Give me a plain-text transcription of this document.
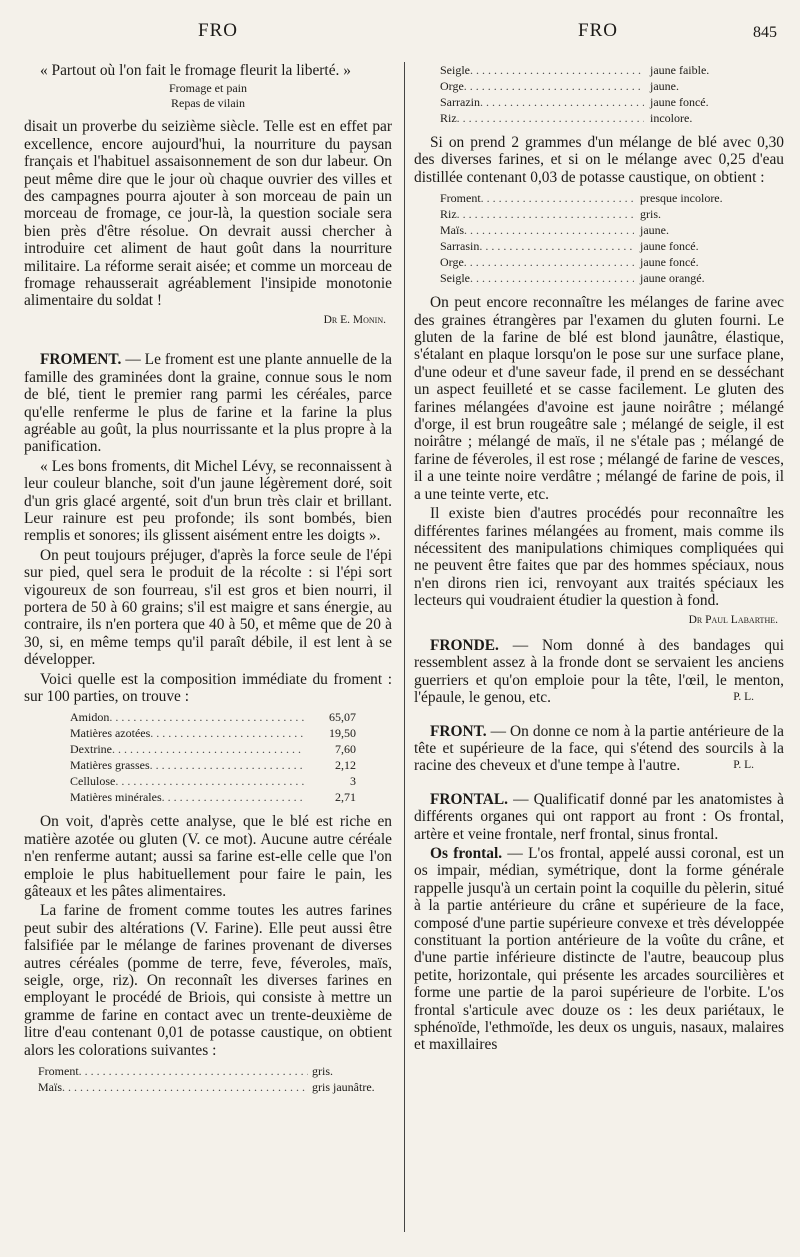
FRO	FRO	845

« Partout où l'on fait le fromage fleurit la liberté. »

Fromage et pain
Repas de vilain

disait un proverbe du seizième siècle. Telle est en effet par excellence, encore aujourd'hui, la nourriture du paysan français et l'habituel assaisonnement de son dur labeur. On peut même dire que le jour où chaque ouvrier des villes et des campagnes pourra ajouter à son morceau de pain un morceau de fromage, ce jour-là, la question sociale sera bien près d'être résolue. On devrait aussi chercher à introduire cet aliment de haut goût dans la nourriture militaire. La réforme serait aisée; et comme un morceau de fromage rehausserait agréablement l'insipide monotonie alimentaire du soldat !

Dr E. Monin.

FROMENT. — Le froment est une plante annuelle de la famille des graminées dont la graine, connue sous le nom de blé, tient le premier rang parmi les céréales, parce qu'elle renferme le plus de farine et la farine la plus agréable au goût, la plus nourrissante et la plus propre à la panification.

« Les bons froments, dit Michel Lévy, se reconnaissent à leur couleur blanche, soit d'un jaune légèrement doré, soit d'un gris glacé argenté, soit d'un brun très clair et brillant. Leur rainure est peu profonde; ils sont bombés, bien remplis et sonores; ils glissent aisément entre les doigts ».

On peut toujours préjuger, d'après la force seule de l'épi sur pied, quel sera le produit de la récolte : si l'épi sort vigoureux de son fourreau, s'il est gros et bien nourri, il portera de 50 à 60 grains; s'il est maigre et sans énergie, au contraire, ils n'en portera que 40 à 50, et même que de 20 à 30, si, en même temps qu'il paraît débile, il est lent à se développer.

Voici quelle est la composition immédiate du froment : sur 100 parties, on trouve :

Amidon . . .	65,07
Matières azotées . . .	19,50
Dextrine . . .	7,60
Matières grasses . . .	2,12
Cellulose . . .	3
Matières minérales . . .	2,71

On voit, d'après cette analyse, que le blé est riche en matière azotée ou gluten (V. ce mot). Aucune autre céréale n'en renferme autant; aussi sa farine est-elle celle que l'on emploie le plus habituellement pour faire le pain, les gâteaux et les pâtes alimentaires.

La farine de froment comme toutes les autres farines peut subir des altérations (V. Farine). Elle peut aussi être falsifiée par le mélange de farines provenant de diverses autres céréales (pomme de terre, feve, féveroles, maïs, seigle, orge, riz). On reconnaît les diverses farines en employant le procédé de Briois, qui consiste à mettre un gramme de farine en contact avec un trente-deuxième de litre d'eau contenant 0,01 de potasse caustique, on obtient alors les colorations suivantes :

Froment . . .	gris.
Maïs . . .	gris jaunâtre.
Seigle . . .	jaune faible.
Orge . . .	jaune.
Sarrazin . . .	jaune foncé.
Riz . . .	incolore.

Si on prend 2 grammes d'un mélange de blé avec 0,30 des diverses farines, et si on le mélange avec 0,25 d'eau distillée contenant 0,03 de potasse caustique, on obtient :

Froment . . .	presque incolore.
Riz . . .	gris.
Maïs . . .	jaune.
Sarrasin . . .	jaune foncé.
Orge . . .	jaune foncé.
Seigle . . .	jaune orangé.

On peut encore reconnaître les mélanges de farine avec des graines étrangères par l'examen du gluten fourni. Le gluten de la farine de blé est blond jaunâtre, élastique, s'étalant en plaque lorsqu'on le pose sur une surface plane, d'une odeur et d'une saveur fade, il prend en se desséchant un aspect feuilleté et se casse facilement. Le gluten des farines mélangées d'avoine est jaune noirâtre ; mélangé d'orge, il est brun rougeâtre sale ; mélangé de seigle, il est noirâtre ; mélangé de maïs, il ne s'étale pas ; mélangé de farine de féveroles, il est rose ; mélangé de farine de vesces, il a une teinte noire verdâtre ; mélangé de farine de pois, il a une teinte verte, etc.

Il existe bien d'autres procédés pour reconnaître les différentes farines mélangées au froment, mais comme ils nécessitent des manipulations chimiques compliquées qui ne peuvent être faites que par des hommes spéciaux, nous n'en dirons rien ici, renvoyant aux traités spéciaux les lecteurs qui voudraient étudier la question à fond.

Dr Paul Labarthe.

FRONDE. — Nom donné à des bandages qui ressemblent assez à la fronde dont se servaient les anciens guerriers et qu'on emploie pour la tête, l'œil, le menton, l'épaule, le genou, etc.	P. L.

FRONT. — On donne ce nom à la partie antérieure de la tête et supérieure de la face, qui s'étend des sourcils à la racine des cheveux et d'une tempe à l'autre.	P. L.

FRONTAL. — Qualificatif donné par les anatomistes à différents organes qui ont rapport au front : Os frontal, artère et veine frontale, nerf frontal, sinus frontal.

Os frontal. — L'os frontal, appelé aussi coronal, est un os impair, médian, symétrique, dont la forme générale rappelle jusqu'à un certain point la coquille du pèlerin, situé à la partie antérieure du crâne et supérieure de la face, composé d'une partie supérieure convexe et très développée constituant la portion antérieure de la voûte du crâne, et d'une partie inférieure distincte de l'autre, beaucoup plus petite, horizontale, qui présente les arcades sourcilières et forme une partie de la paroi supérieure de l'orbite. L'os frontal s'articule avec douze os : les deux pariétaux, le sphénoïde, l'ethmoïde, les deux os unguis, nasaux, malaires et maxillaires
